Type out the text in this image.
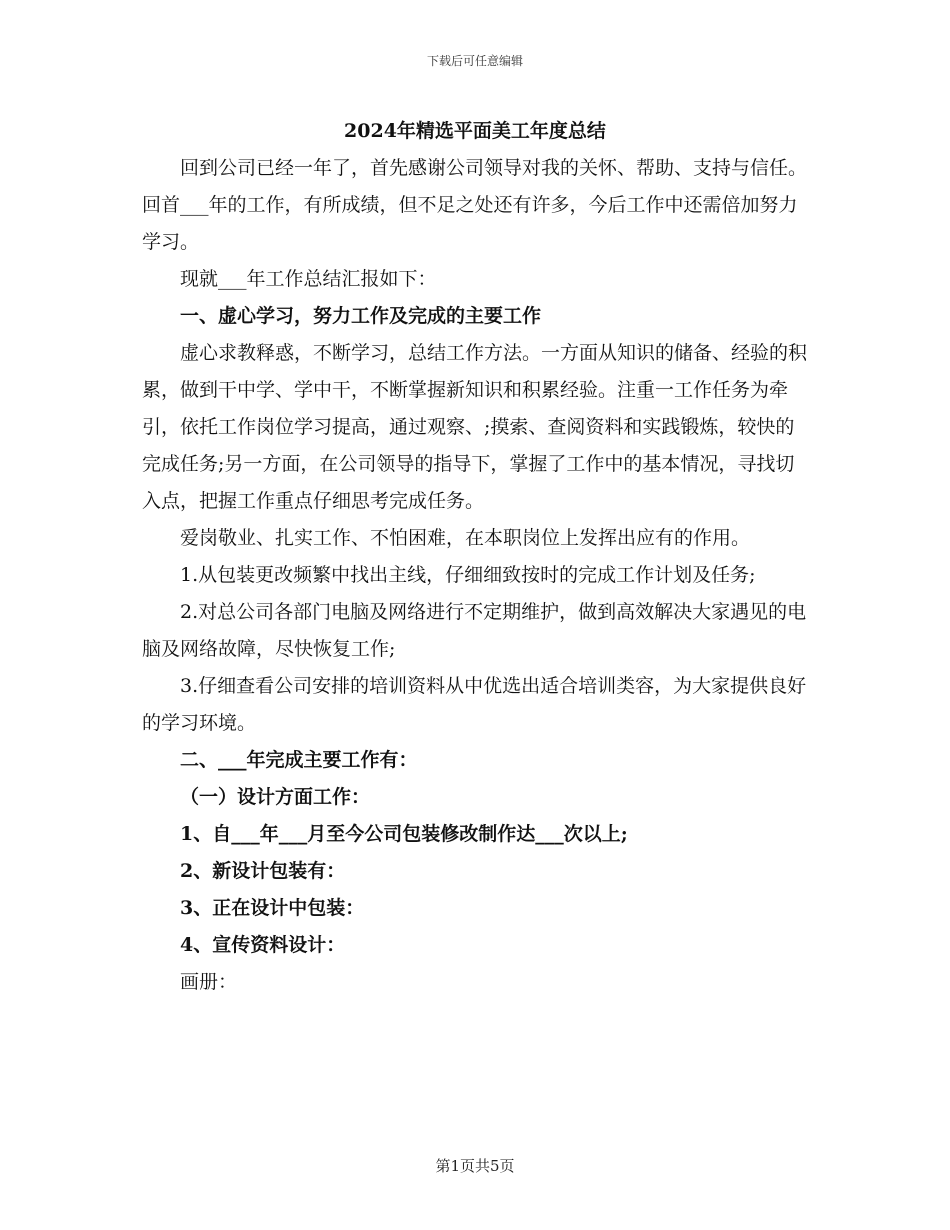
下载后可任意编辑
2024年精选平面美工年度总结

回到公司已经一年了，首先感谢公司领导对我的关怀、帮助、支持与信任。回首___年的工作，有所成绩，但不足之处还有许多，今后工作中还需倍加努力学习。

现就___年工作总结汇报如下：

一、虚心学习，努力工作及完成的主要工作

虚心求教释惑，不断学习，总结工作方法。一方面从知识的储备、经验的积累，做到干中学、学中干，不断掌握新知识和积累经验。注重一工作任务为牵引，依托工作岗位学习提高，通过观察、;摸索、查阅资料和实践锻炼，较快的完成任务;另一方面，在公司领导的指导下，掌握了工作中的基本情况，寻找切入点，把握工作重点仔细思考完成任务。

爱岗敬业、扎实工作、不怕困难，在本职岗位上发挥出应有的作用。

1.从包装更改频繁中找出主线，仔细细致按时的完成工作计划及任务;

2.对总公司各部门电脑及网络进行不定期维护，做到高效解决大家遇见的电脑及网络故障，尽快恢复工作;

3.仔细查看公司安排的培训资料从中优选出适合培训类容，为大家提供良好的学习环境。

二、___年完成主要工作有：

（一）设计方面工作：

1、自___年___月至今公司包装修改制作达___次以上;

2、新设计包装有：

3、正在设计中包装：

4、宣传资料设计：

画册：

第1页共5页
